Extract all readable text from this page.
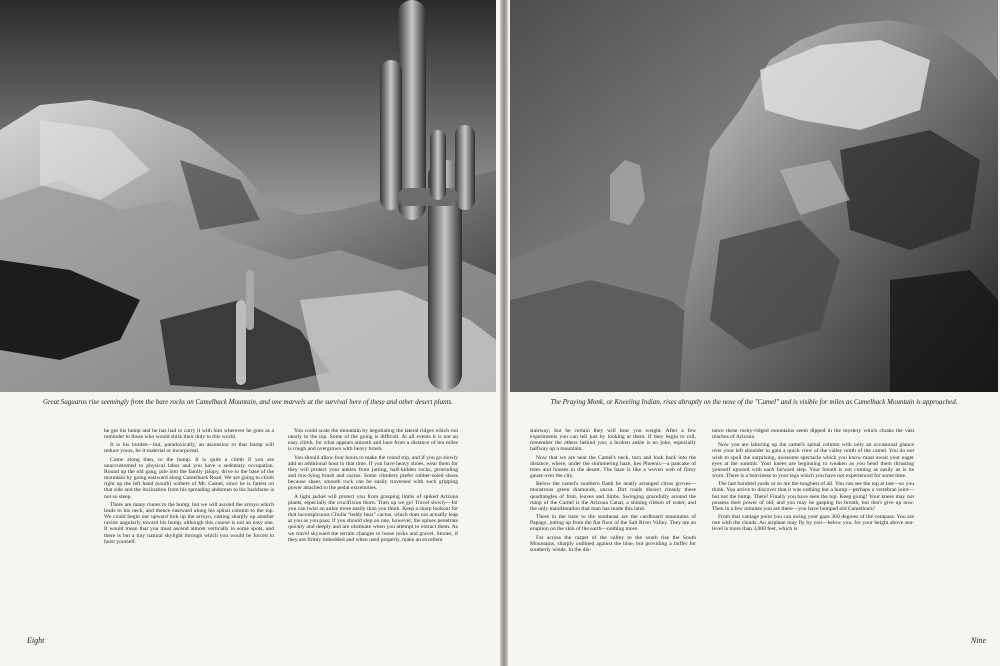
Great Saguaros rise seemingly from the bare rocks on Camelback Mountain, and one marvels at the survival here of these and other desert plants.

he got his hump and he has had to carry it with him wherever he goes as a reminder to those who would shirk their duty to this world.

It is his burden—but, paradoxically, an ascension to that hump will reduce yours, be it material or incorporeal.

Come along then, to the hump. It is quite a climb if you are unaccustomed to physical labor and you have a sedentary occupation. Round up the old gang, pile into the family jalopy, drive to the base of the mountain by going eastward along Camelback Road. We are going to climb right up the left hand (south) withers of Mr. Camel, since he is fattest on that side and the inclination from his spreading abdomen to his backbone is not so steep.

There are many routes to the hump, but we will ascend the arroyo which leads to his neck, and thence eastward along his spinal column to the top. We could begin our upward trek up the arroyo, cutting sharply up another ravine angularly toward his hump, although this course is not an easy one. It would mean that you must ascend almost vertically in some spots, and there is but a tiny natural skylight through which you would be forced to hoist yourself.

You could scale the mountain by negotiating the lateral ridges which run nearly to the top. Some of the going is difficult. At all events it is not an easy climb, for what appears smooth and bare from a distance of ten miles is rough and overgrown with heavy brush.

You should allow four hours to make the round trip, and if you go slowly add an additional hour to that time. If you have heavy shoes, wear them for they will protect your ankles from jutting, half-hidden rocks, protruding and low-lying brush and cactus. Some climbers prefer rubber-soled shoes because sheer, smooth rock can be easily traversed with such gripping power attached to the pedal extremities.

A light jacket will protect you from grasping limbs of spiked Arizona plants, especially the crucifixion thorn. Then up we go! Travel slowly—for you can twist an ankle more easily than you think. Keep a sharp lookout for that inconspicuous Cholla "teddy bear" cactus, which does not actually leap at you as you pass; if you should step on one, however, the spines penetrate quickly and deeply and are obstinate when you attempt to extract them. As we travel skyward the terrain changes to loose rocks and gravel. Stones, if they are firmly imbedded and when used properly, make an excellent

Eight
The Praying Monk, or Kneeling Indian, rises abruptly on the nose of the "Camel" and is visible for miles as Camelback Mountain is approached.

stairway; but be certain they will bear you weight. After a few experiments you can tell just by looking at them. If they begin to roll, remember the others behind you; a broken ankle is no joke, especially halfway up a mountain.

Now that we are near the Camel's neck, turn and look back into the distance, where, under the shimmering haze, lies Phoenix—a pancake of trees and houses in the desert. The haze is like a woven web of filmy gauze over the city.

Below the camel's southern flank lie neatly arranged citrus groves— monstrous green diamonds, uncut. Dirt roads dissect cleanly these quadrangles of fruit, leaves and limbs. Swinging gracefully around the rump of the Camel is the Arizona Canal, a shining ribbon of water, and the only manifestation that man has made this land.

There in the haze to the southeast are the cardboard mountains of Papago, jutting up from the flat floor of the Salt River Valley. They are an eruption on the skin of the earth—nothing more.

Far across the carpet of the valley to the south rise the South Mountains, sharply outlined against the blue, but providing a buffer for southerly winds. In the dis-

tance these rocky-ridged mountains seem dipped in the mystery which cloaks the vast reaches of Arizona.

Now you are laboring up the camel's spinal column with only an occasional glance over your left shoulder to gain a quick view of the valley north of the camel. You do not wish to spoil the surprising, awesome spectacle which you know must await your eager eyes at the summit. Your knees are beginning to weaken as you bend them thrusting yourself upward with each forward step. Your breath is not coming as easily as is its wont. There is a heaviness to your legs which you have not experienced for some time.

The last hundred yards or so are the toughest of all. You can see the top at last—so you think. You arrive to discover that it was nothing but a hump—perhaps a vertebrae joint—but not the hump. There! Finally you have seen the top. Keep going! Your knees may not possess their power of old, and you may be gasping for breath, but don't give up now. Then in a few minutes you are there—you have humped old Camelback!

From that vantage point you can swing your gaze 360 degrees of the compass. You are one with the clouds. An airplane may fly by you—below you, for your height above sea-level is more than 3,000 feet, which is

Nine
